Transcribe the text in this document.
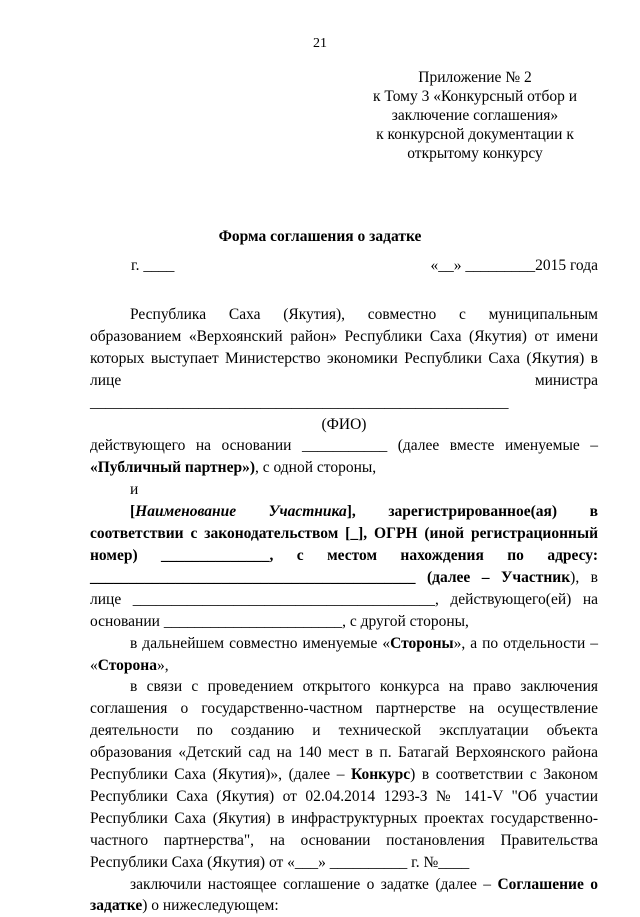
21
Приложение № 2
к Тому 3 «Конкурсный отбор и
заключение соглашения»
к конкурсной документации к
открытому конкурсу
Форма соглашения о задатке
г. ____	«__» _________2015 года

Республика Саха (Якутия), совместно с муниципальным образованием «Верхоянский район» Республики Саха (Якутия) от имени которых выступает Министерство экономики Республики Саха (Якутия) в лице министра ______________________________________________________

(ФИО)

действующего на основании ___________ (далее вместе именуемые – «Публичный партнер»), с одной стороны,

и

[Наименование Участника], зарегистрированное(ая) в соответствии с законодательством [_], ОГРН (иной регистрационный номер) ______________, с местом нахождения по адресу: __________________________________________ (далее – Участник), в лице _______________________________________, действующего(ей) на основании _______________________, с другой стороны,

в дальнейшем совместно именуемые «Стороны», а по отдельности – «Сторона»,

в связи с проведением открытого конкурса на право заключения соглашения о государственно-частном партнерстве на осуществление деятельности по созданию и технической эксплуатации объекта образования «Детский сад на 140 мест в п. Батагай Верхоянского района Республики Саха (Якутия)», (далее – Конкурс) в соответствии с Законом Республики Саха (Якутия) от 02.04.2014 1293-З № 141-V "Об участии Республики Саха (Якутия) в инфраструктурных проектах государственно-частного партнерства", на основании постановления Правительства Республики Саха (Якутия) от «___» __________ г. №____

заключили настоящее соглашение о задатке (далее – Соглашение о задатке) о нижеследующем:
